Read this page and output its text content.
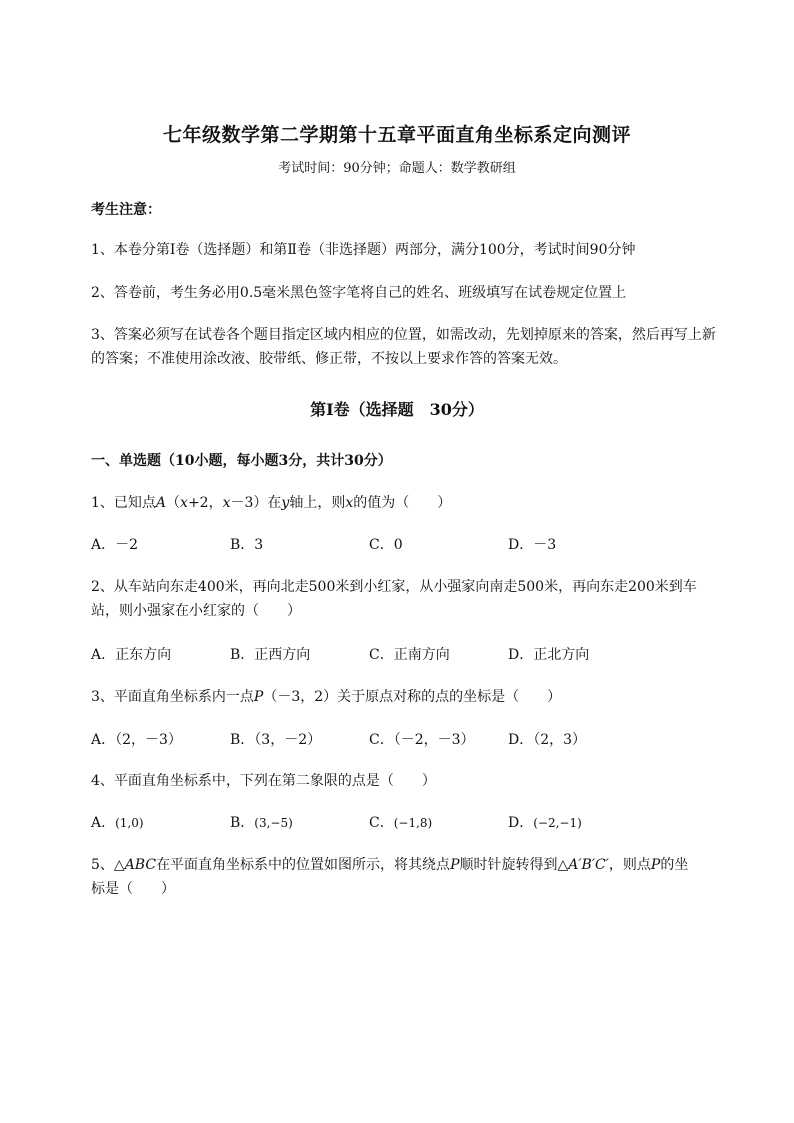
七年级数学第二学期第十五章平面直角坐标系定向测评
考试时间：90分钟；命题人：数学教研组
考生注意：
1、本卷分第Ⅰ卷（选择题）和第Ⅱ卷（非选择题）两部分，满分100分，考试时间90分钟
2、答卷前，考生务必用0.5毫米黑色签字笔将自己的姓名、班级填写在试卷规定位置上
3、答案必须写在试卷各个题目指定区域内相应的位置，如需改动，先划掉原来的答案，然后再写上新
的答案；不准使用涂改液、胶带纸、修正带，不按以上要求作答的答案无效。
第Ⅰ卷（选择题　30分）
一、单选题（10小题，每小题3分，共计30分）
1、已知点A（x+2，x－3）在y轴上，则x的值为（　　）
A．－2	B．3	C．0	D．－3
2、从车站向东走400米，再向北走500米到小红家，从小强家向南走500米，再向东走200米到车
站，则小强家在小红家的（　　）
A．正东方向	B．正西方向	C．正南方向	D．正北方向
3、平面直角坐标系内一点P（－3，2）关于原点对称的点的坐标是（　　）
A．（2，－3）	B．（3，－2）	C．（－2，－3） D．（2，3）
4、平面直角坐标系中，下列在第二象限的点是（　　）
A．(1,0)	B．(3,−5)	C．(−1,8)	D．(−2,−1)
5、△ABC在平面直角坐标系中的位置如图所示，将其绕点P顺时针旋转得到△A′B′C′，则点P的坐
标是（　　）
